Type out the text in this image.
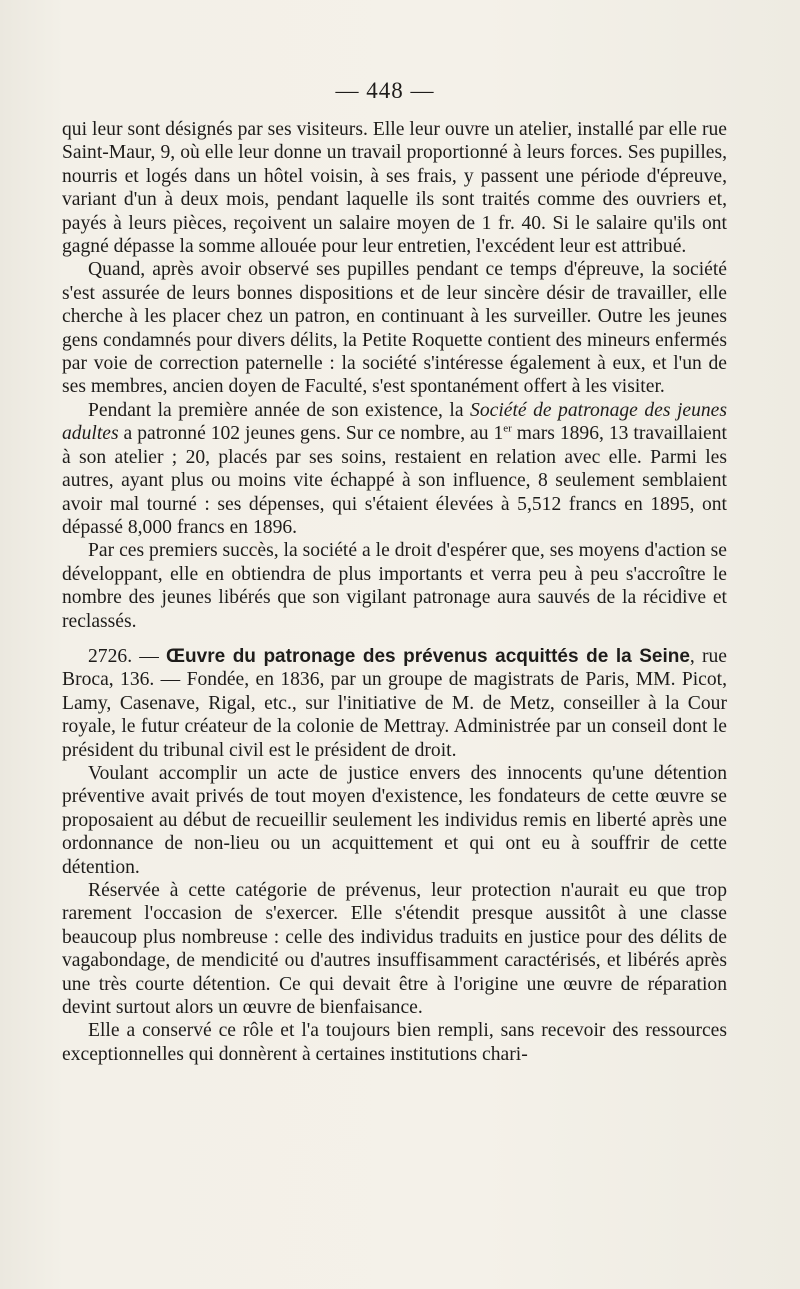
— 448 —

qui leur sont désignés par ses visiteurs. Elle leur ouvre un atelier, installé par elle rue Saint-Maur, 9, où elle leur donne un travail proportionné à leurs forces. Ses pupilles, nourris et logés dans un hôtel voisin, à ses frais, y passent une période d'épreuve, variant d'un à deux mois, pendant laquelle ils sont traités comme des ouvriers et, payés à leurs pièces, reçoivent un salaire moyen de 1 fr. 40. Si le salaire qu'ils ont gagné dépasse la somme allouée pour leur entretien, l'excédent leur est attribué.

Quand, après avoir observé ses pupilles pendant ce temps d'épreuve, la société s'est assurée de leurs bonnes dispositions et de leur sincère désir de travailler, elle cherche à les placer chez un patron, en continuant à les surveiller. Outre les jeunes gens condamnés pour divers délits, la Petite Roquette contient des mineurs enfermés par voie de correction paternelle : la société s'intéresse également à eux, et l'un de ses membres, ancien doyen de Faculté, s'est spontanément offert à les visiter.

Pendant la première année de son existence, la Société de patronage des jeunes adultes a patronné 102 jeunes gens. Sur ce nombre, au 1er mars 1896, 13 travaillaient à son atelier ; 20, placés par ses soins, restaient en relation avec elle. Parmi les autres, ayant plus ou moins vite échappé à son influence, 8 seulement semblaient avoir mal tourné : ses dépenses, qui s'étaient élevées à 5,512 francs en 1895, ont dépassé 8,000 francs en 1896.

Par ces premiers succès, la société a le droit d'espérer que, ses moyens d'action se développant, elle en obtiendra de plus importants et verra peu à peu s'accroître le nombre des jeunes libérés que son vigilant patronage aura sauvés de la récidive et reclassés.

2726. — Œuvre du patronage des prévenus acquittés de la Seine, rue Broca, 136. — Fondée, en 1836, par un groupe de magistrats de Paris, MM. Picot, Lamy, Casenave, Rigal, etc., sur l'initiative de M. de Metz, conseiller à la Cour royale, le futur créateur de la colonie de Mettray. Administrée par un conseil dont le président du tribunal civil est le président de droit.

Voulant accomplir un acte de justice envers des innocents qu'une détention préventive avait privés de tout moyen d'existence, les fondateurs de cette œuvre se proposaient au début de recueillir seulement les individus remis en liberté après une ordonnance de non-lieu ou un acquittement et qui ont eu à souffrir de cette détention.

Réservée à cette catégorie de prévenus, leur protection n'aurait eu que trop rarement l'occasion de s'exercer. Elle s'étendit presque aussitôt à une classe beaucoup plus nombreuse : celle des individus traduits en justice pour des délits de vagabondage, de mendicité ou d'autres insuffisamment caractérisés, et libérés après une très courte détention. Ce qui devait être à l'origine une œuvre de réparation devint surtout alors un œuvre de bienfaisance.

Elle a conservé ce rôle et l'a toujours bien rempli, sans recevoir des ressources exceptionnelles qui donnèrent à certaines institutions chari-
